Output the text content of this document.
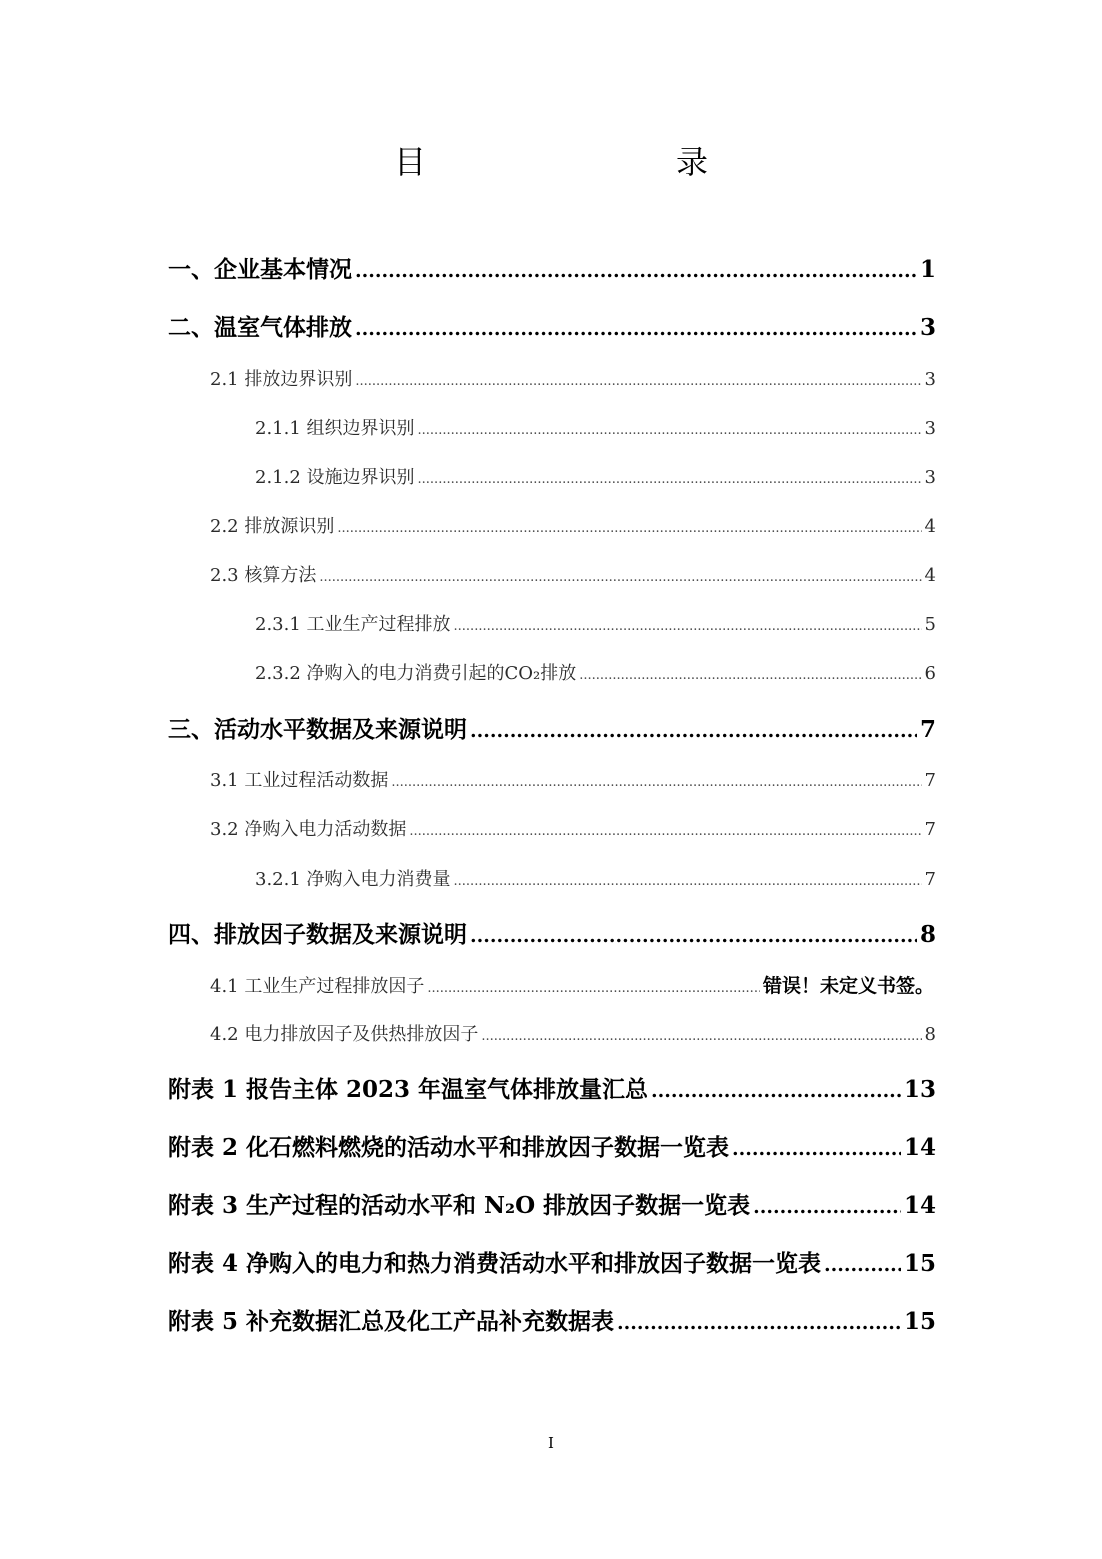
目　　录
一、企业基本情况 .....	1
二、温室气体排放 .....	3
2.1 排放边界识别 .....	3
2.1.1 组织边界识别 .....	3
2.1.2 设施边界识别 .....	3
2.2 排放源识别 .....	4
2.3 核算方法 .....	4
2.3.1 工业生产过程排放 .....	5
2.3.2 净购入的电力消费引起的CO₂排放 .....	6
三、活动水平数据及来源说明 .....	7
3.1 工业过程活动数据 .....	7
3.2 净购入电力活动数据 .....	7
3.2.1 净购入电力消费量 .....	7
四、排放因子数据及来源说明 .....	8
4.1 工业生产过程排放因子 .....	错误！未定义书签。
4.2 电力排放因子及供热排放因子 .....	8
附表 1 报告主体 2023 年温室气体排放量汇总 .....	13
附表 2 化石燃料燃烧的活动水平和排放因子数据一览表 .....	14
附表 3 生产过程的活动水平和 N₂O 排放因子数据一览表 .....	14
附表 4 净购入的电力和热力消费活动水平和排放因子数据一览表 .....	15
附表 5 补充数据汇总及化工产品补充数据表 .....	15
I
